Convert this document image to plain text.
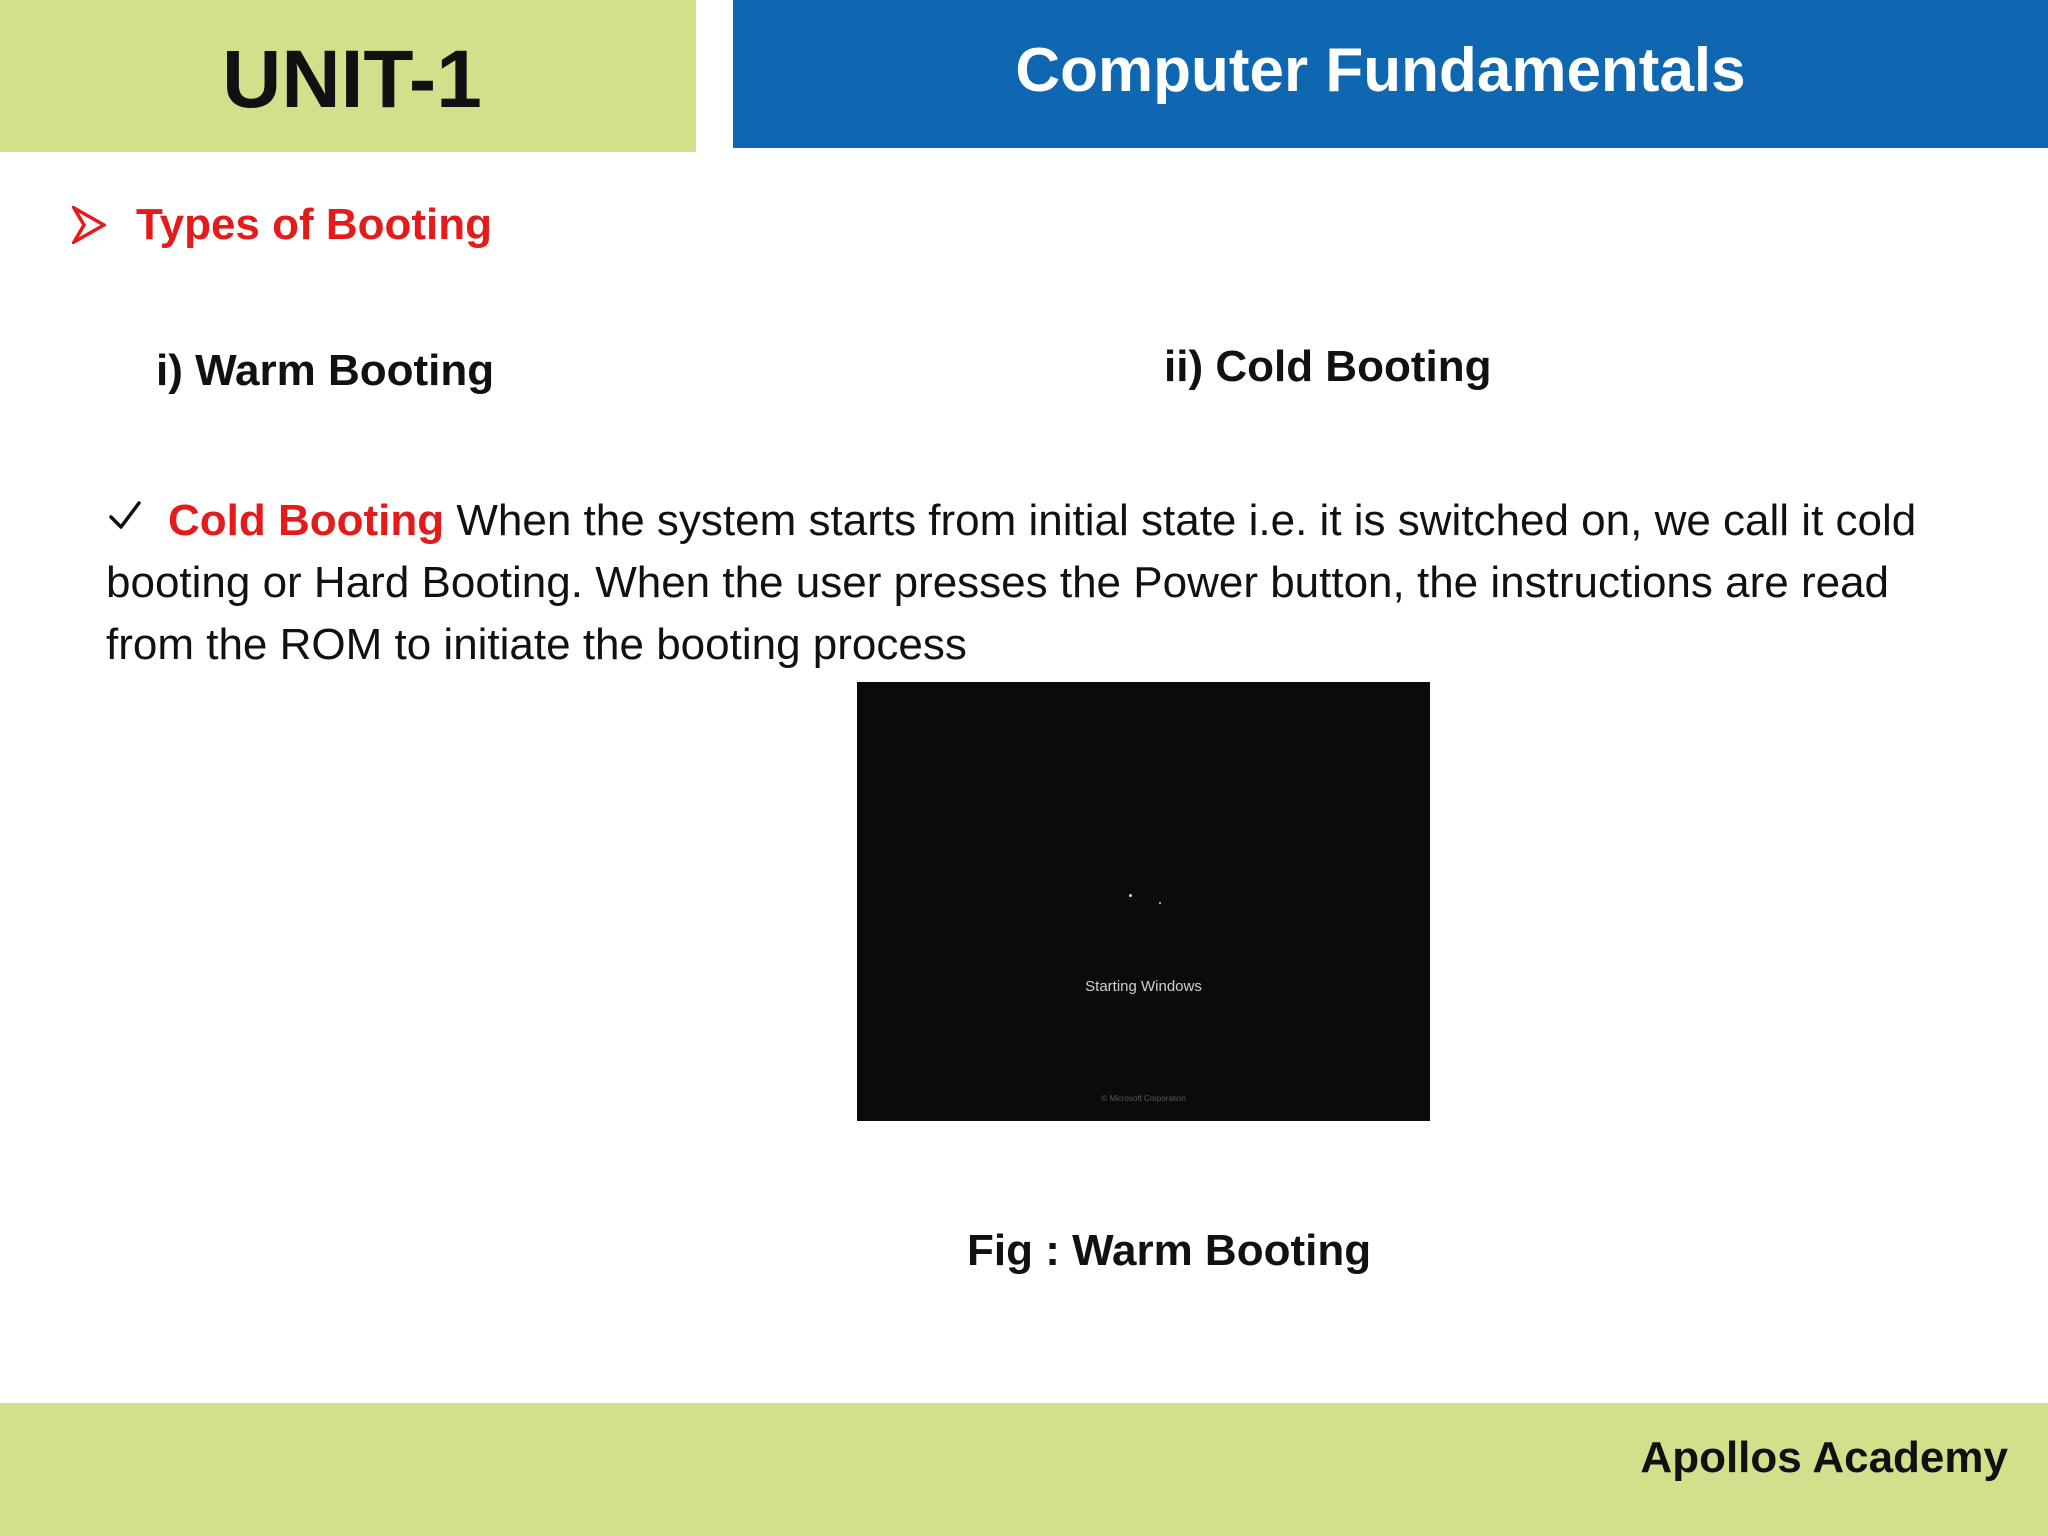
UNIT-1	Computer Fundamentals
Types of Booting
i) Warm Booting	ii) Cold Booting
Cold Booting When the system starts from initial state i.e. it is switched on, we call it cold booting or Hard Booting. When the user presses the Power button, the instructions are read from the ROM to initiate the booting process
Starting Windows
© Microsoft Corporation
Fig : Warm Booting
Apollos Academy
